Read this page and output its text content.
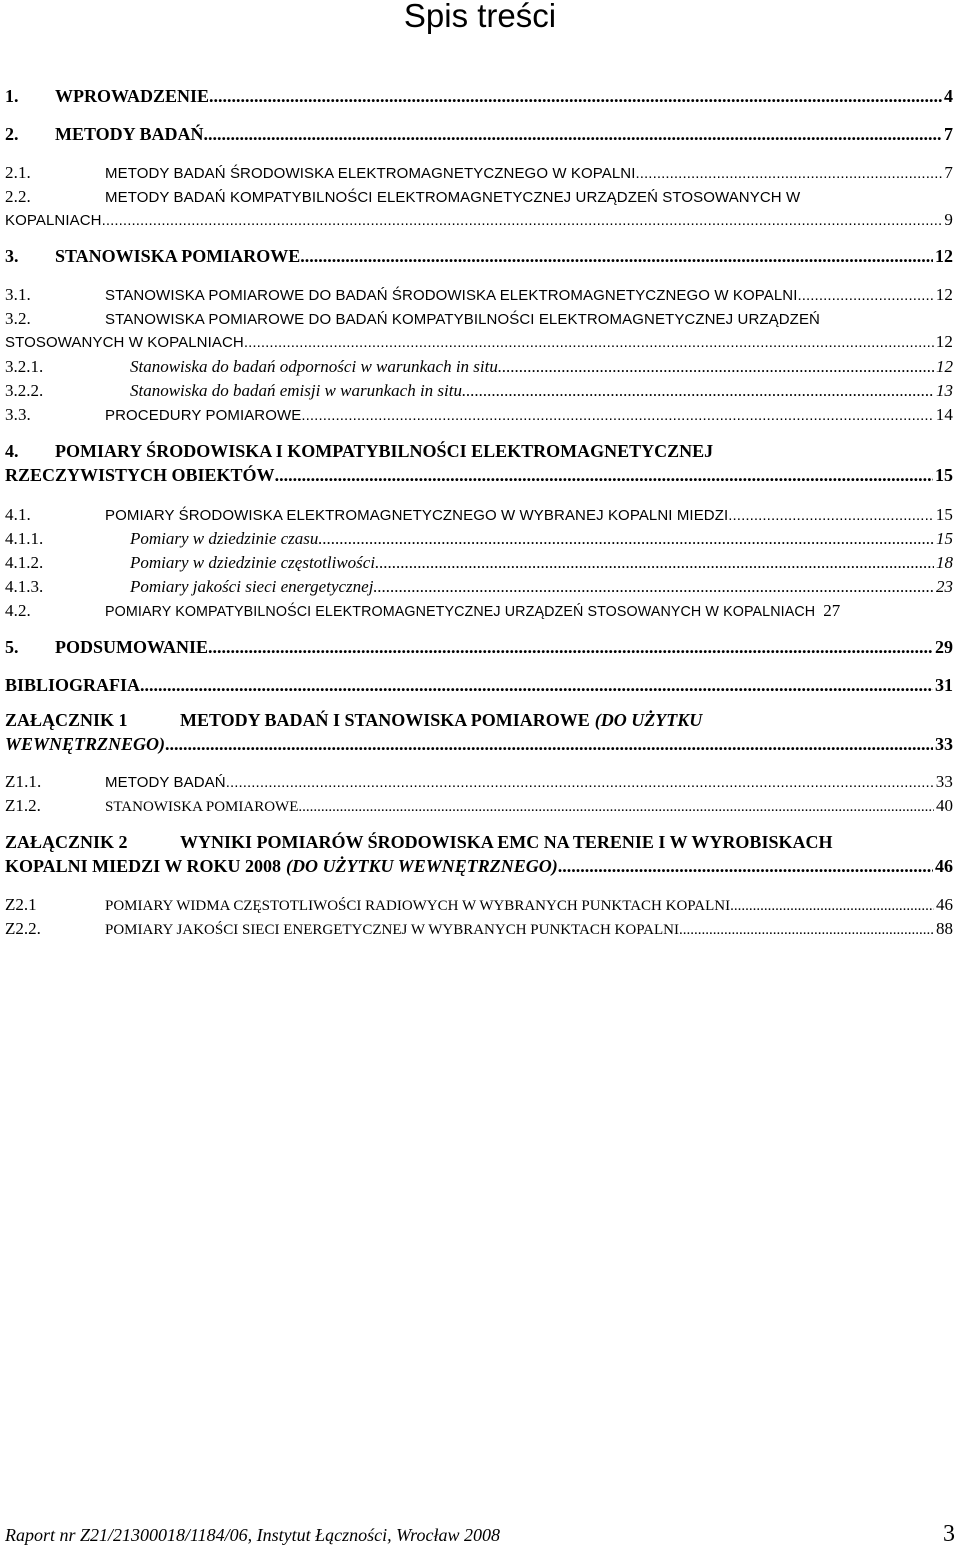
Spis treści
1.	WPROWADZENIE .....	4
2.	METODY BADAŃ .....	7
2.1.	METODY BADAŃ ŚRODOWISKA ELEKTROMAGNETYCZNEGO W KOPALNI .....	7
2.2.	METODY BADAŃ KOMPATYBILNOŚCI ELEKTROMAGNETYCZNEJ URZĄDZEŃ STOSOWANYCH W
KOPALNIACH .....	9
3.	STANOWISKA POMIAROWE .....	12
3.1.	STANOWISKA POMIAROWE DO BADAŃ ŚRODOWISKA ELEKTROMAGNETYCZNEGO W KOPALNI .....	12
3.2.	STANOWISKA POMIAROWE DO BADAŃ KOMPATYBILNOŚCI ELEKTROMAGNETYCZNEJ URZĄDZEŃ
STOSOWANYCH W KOPALNIACH .....	12
3.2.1.	Stanowiska do badań odporności w warunkach in situ .....	12
3.2.2.	Stanowiska do badań emisji w warunkach in situ .....	13
3.3.	PROCEDURY POMIAROWE .....	14
4.	POMIARY ŚRODOWISKA I KOMPATYBILNOŚCI ELEKTROMAGNETYCZNEJ
RZECZYWISTYCH OBIEKTÓW .....	15
4.1.	POMIARY ŚRODOWISKA ELEKTROMAGNETYCZNEGO W WYBRANEJ KOPALNI MIEDZI .....	15
4.1.1.	Pomiary w dziedzinie czasu .....	15
4.1.2.	Pomiary w dziedzinie częstotliwości .....	18
4.1.3.	Pomiary jakości sieci energetycznej .....	23
4.2.	POMIARY KOMPATYBILNOŚCI ELEKTROMAGNETYCZNEJ URZĄDZEŃ STOSOWANYCH W KOPALNIACH 27
5.	PODSUMOWANIE .....	29
BIBLIOGRAFIA .....	31
ZAŁĄCZNIK 1	METODY BADAŃ I STANOWISKA POMIAROWE (DO UŻYTKU
WEWNĘTRZNEGO) .....	33
Z1.1.	METODY BADAŃ .....	33
Z1.2.	STANOWISKA POMIAROWE .....	40
ZAŁĄCZNIK 2	WYNIKI POMIARÓW ŚRODOWISKA EMC NA TERENIE I W WYROBISKACH
KOPALNI MIEDZI W ROKU 2008 (DO UŻYTKU WEWNĘTRZNEGO) .....	46
Z2.1	POMIARY WIDMA CZĘSTOTLIWOŚCI RADIOWYCH W WYBRANYCH PUNKTACH KOPALNI .....	46
Z2.2.	POMIARY JAKOŚCI SIECI ENERGETYCZNEJ W WYBRANYCH PUNKTACH KOPALNI .....	88
Raport nr Z21/21300018/1184/06, Instytut Łączności, Wrocław 2008	3
